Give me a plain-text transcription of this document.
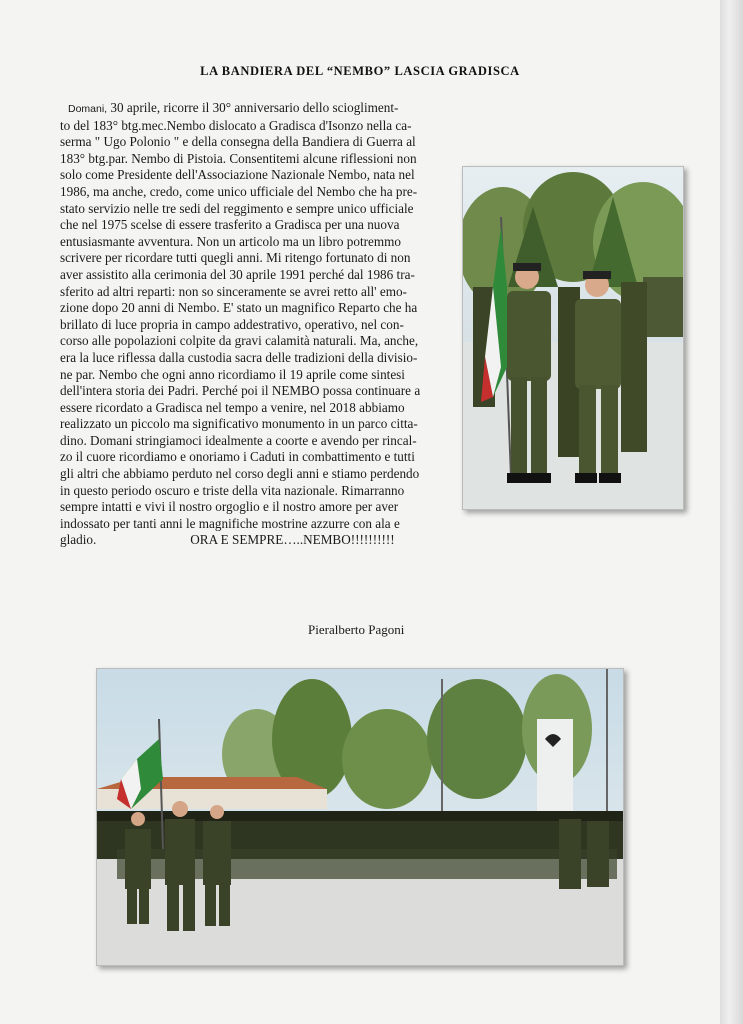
LA BANDIERA DEL “NEMBO” LASCIA GRADISCA
Domani, 30 aprile, ricorre il 30° anniversario dello sciogliment-
to del 183° btg.mec.Nembo dislocato a Gradisca d'Isonzo nella ca-
serma " Ugo Polonio " e della consegna della Bandiera di Guerra al
183° btg.par. Nembo di Pistoia. Consentitemi alcune riflessioni non
solo come Presidente dell'Associazione Nazionale Nembo, nata nel
1986, ma anche, credo, come unico ufficiale del Nembo che ha pre-
stato servizio nelle tre sedi del reggimento e sempre unico ufficiale
che nel 1975 scelse di essere trasferito a Gradisca per una nuova
entusiasmante avventura. Non un articolo ma un libro potremmo
scrivere per ricordare tutti quegli anni. Mi ritengo fortunato di non
aver assistito alla cerimonia del 30 aprile 1991 perché dal 1986 tra-
sferito ad altri reparti: non so sinceramente se avrei retto all' emo-
zione dopo 20 anni di Nembo. E' stato un magnifico Reparto che ha
brillato di luce propria in campo addestrativo, operativo, nel con-
corso alle popolazioni colpite da gravi calamità naturali. Ma, anche,
era la luce riflessa dalla custodia sacra delle tradizioni della divisio-
ne par. Nembo che ogni anno ricordiamo il 19 aprile come sintesi
dell'intera storia dei Padri. Perché poi il NEMBO possa continuare a
essere ricordato a Gradisca nel tempo a venire, nel 2018 abbiamo
realizzato un piccolo ma significativo monumento in un parco citta-
dino. Domani stringiamoci idealmente a coorte e avendo per rincal-
zo il cuore ricordiamo e onoriamo i Caduti in combattimento e tutti
gli altri che abbiamo perduto nel corso degli anni e stiamo perdendo
in questo periodo oscuro e triste della vita nazionale. Rimarranno
sempre intatti e vivi il nostro orgoglio e il nostro amore per aver
indossato per tanti anni le magnifiche mostrine azzurre con ala e
gladio.	ORA E SEMPRE…..NEMBO!!!!!!!!!!
Pieralberto Pagoni
